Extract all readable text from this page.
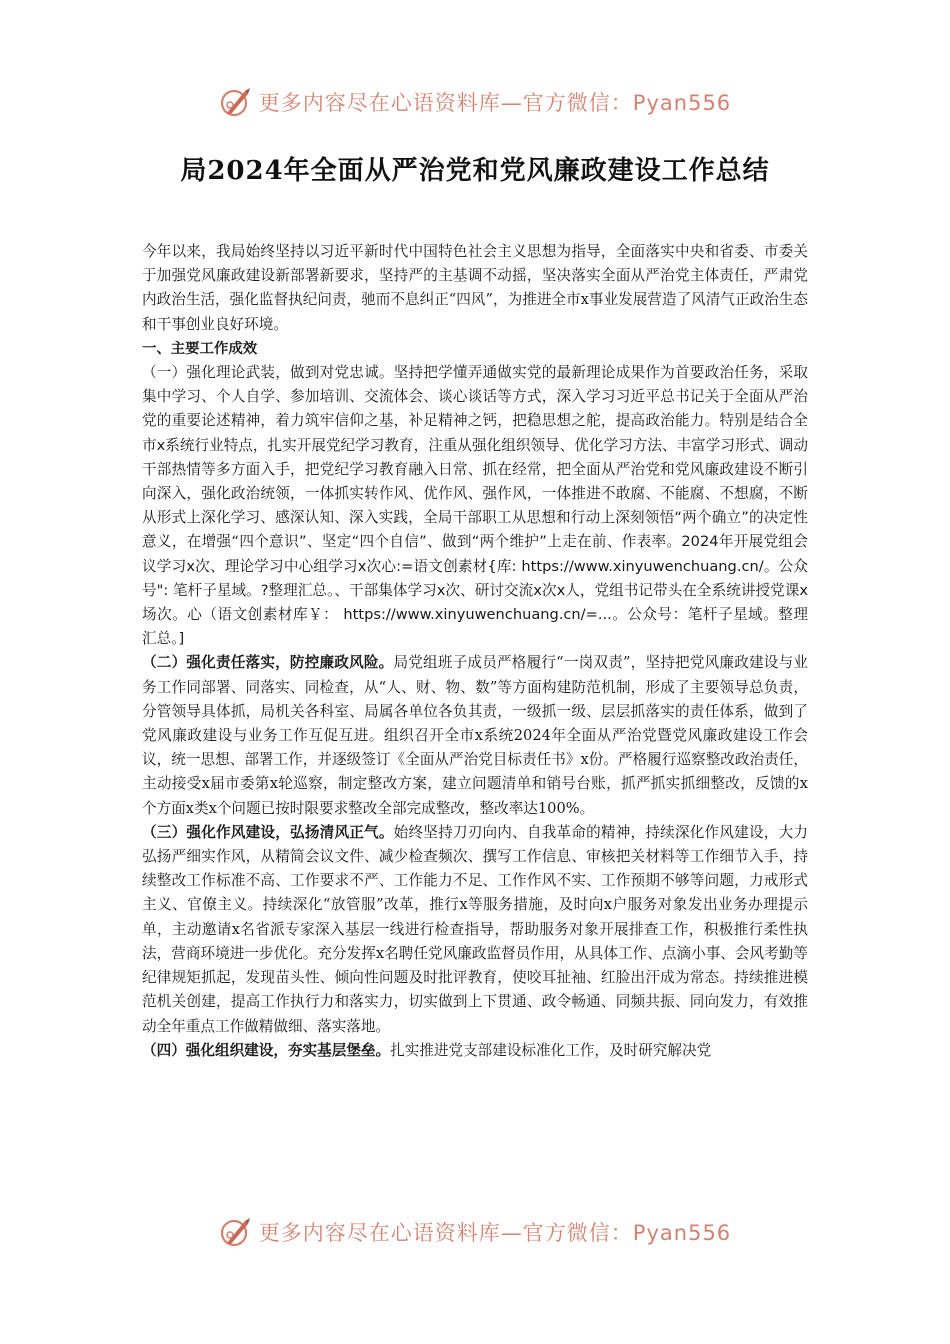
更多内容尽在心语资料库—官方微信：Pyan556
局2024年全面从严治党和党风廉政建设工作总结

今年以来，我局始终坚持以习近平新时代中国特色社会主义思想为指导，全面落实中央和省委、市委关于加强党风廉政建设新部署新要求，坚持严的主基调不动摇，坚决落实全面从严治党主体责任，严肃党内政治生活，强化监督执纪问责，驰而不息纠正“四风”，为推进全市x事业发展营造了风清气正政治生态和干事创业良好环境。

一、主要工作成效

（一）强化理论武装，做到对党忠诚。坚持把学懂弄通做实党的最新理论成果作为首要政治任务，采取集中学习、个人自学、参加培训、交流体会、谈心谈话等方式，深入学习习近平总书记关于全面从严治党的重要论述精神，着力筑牢信仰之基，补足精神之钙，把稳思想之舵，提高政治能力。特别是结合全市x系统行业特点，扎实开展党纪学习教育，注重从强化组织领导、优化学习方法、丰富学习形式、调动干部热情等多方面入手，把党纪学习教育融入日常、抓在经常，把全面从严治党和党风廉政建设不断引向深入，强化政治统领，一体抓实转作风、优作风、强作风，一体推进不敢腐、不能腐、不想腐，不断从形式上深化学习、感深认知、深入实践，全局干部职工从思想和行动上深刻领悟“两个确立”的决定性意义，在增强“四个意识”、坚定“四个自信”、做到“两个维护”上走在前、作表率。2024年开展党组会议学习x次、理论学习中心组学习x次心:=语文创素材{库: https://www.xinyuwenchuang.cn/。公众号": 笔杆子星域。?整理汇总。、干部集体学习x次、研讨交流x次x人，党组书记带头在全系统讲授党课x场次。心（语文创素材库￥： https://www.xinyuwenchuang.cn/=...。公众号：笔杆子星域。整理汇总。]

（二）强化责任落实，防控廉政风险。局党组班子成员严格履行“一岗双责”，坚持把党风廉政建设与业务工作同部署、同落实、同检查，从“人、财、物、数”等方面构建防范机制，形成了主要领导总负责，分管领导具体抓，局机关各科室、局属各单位各负其责，一级抓一级、层层抓落实的责任体系，做到了党风廉政建设与业务工作互促互进。组织召开全市x系统2024年全面从严治党暨党风廉政建设工作会议，统一思想、部署工作，并逐级签订《全面从严治党目标责任书》x份。严格履行巡察整改政治责任，主动接受x届市委第x轮巡察，制定整改方案，建立问题清单和销号台账，抓严抓实抓细整改，反馈的x个方面x类x个问题已按时限要求整改全部完成整改，整改率达100%。

（三）强化作风建设，弘扬清风正气。始终坚持刀刃向内、自我革命的精神，持续深化作风建设，大力弘扬严细实作风，从精简会议文件、减少检查频次、撰写工作信息、审核把关材料等工作细节入手，持续整改工作标准不高、工作要求不严、工作能力不足、工作作风不实、工作预期不够等问题，力戒形式主义、官僚主义。持续深化“放管服”改革，推行x等服务措施，及时向x户服务对象发出业务办理提示单，主动邀请x名省派专家深入基层一线进行检查指导，帮助服务对象开展排查工作，积极推行柔性执法，营商环境进一步优化。充分发挥x名聘任党风廉政监督员作用，从具体工作、点滴小事、会风考勤等纪律规矩抓起，发现苗头性、倾向性问题及时批评教育，使咬耳扯袖、红脸出汗成为常态。持续推进模范机关创建，提高工作执行力和落实力，切实做到上下贯通、政令畅通、同频共振、同向发力，有效推动全年重点工作做精做细、落实落地。

（四）强化组织建设，夯实基层堡垒。扎实推进党支部建设标准化工作，及时研究解决党

更多内容尽在心语资料库—官方微信：Pyan556
